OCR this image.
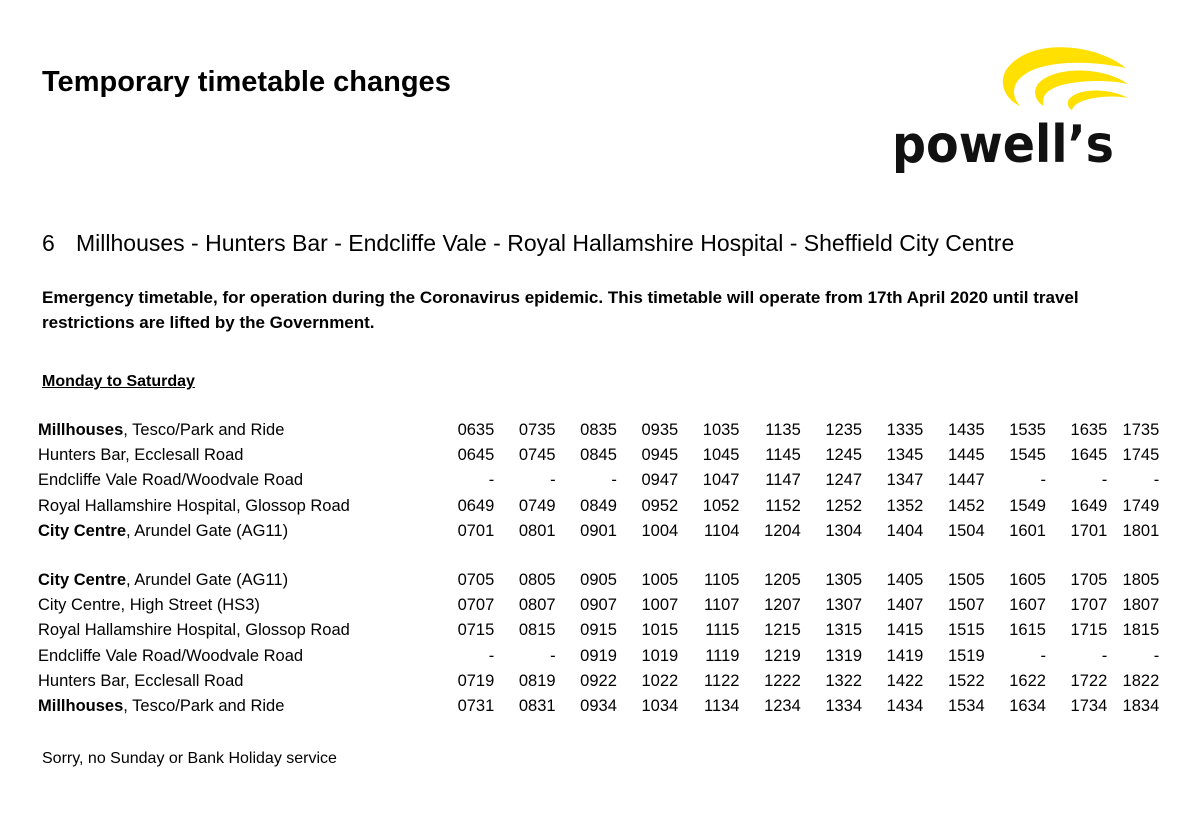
Temporary timetable changes
powell’s
6 Millhouses - Hunters Bar - Endcliffe Vale - Royal Hallamshire Hospital - Sheffield City Centre
Emergency timetable, for operation during the Coronavirus epidemic. This timetable will operate from 17th April 2020 until travel restrictions are lifted by the Government.
Monday to Saturday
Millhouses, Tesco/Park and Ride	0635	0735	0835	0935	1035	1135	1235	1335	1435	1535	1635	1735
Hunters Bar, Ecclesall Road	0645	0745	0845	0945	1045	1145	1245	1345	1445	1545	1645	1745
Endcliffe Vale Road/Woodvale Road	-	-	-	0947	1047	1147	1247	1347	1447	-	-	-
Royal Hallamshire Hospital, Glossop Road	0649	0749	0849	0952	1052	1152	1252	1352	1452	1549	1649	1749
City Centre, Arundel Gate (AG11)	0701	0801	0901	1004	1104	1204	1304	1404	1504	1601	1701	1801
City Centre, Arundel Gate (AG11)	0705	0805	0905	1005	1105	1205	1305	1405	1505	1605	1705	1805
City Centre, High Street (HS3)	0707	0807	0907	1007	1107	1207	1307	1407	1507	1607	1707	1807
Royal Hallamshire Hospital, Glossop Road	0715	0815	0915	1015	1115	1215	1315	1415	1515	1615	1715	1815
Endcliffe Vale Road/Woodvale Road	-	-	0919	1019	1119	1219	1319	1419	1519	-	-	-
Hunters Bar, Ecclesall Road	0719	0819	0922	1022	1122	1222	1322	1422	1522	1622	1722	1822
Millhouses, Tesco/Park and Ride	0731	0831	0934	1034	1134	1234	1334	1434	1534	1634	1734	1834
Sorry, no Sunday or Bank Holiday service
